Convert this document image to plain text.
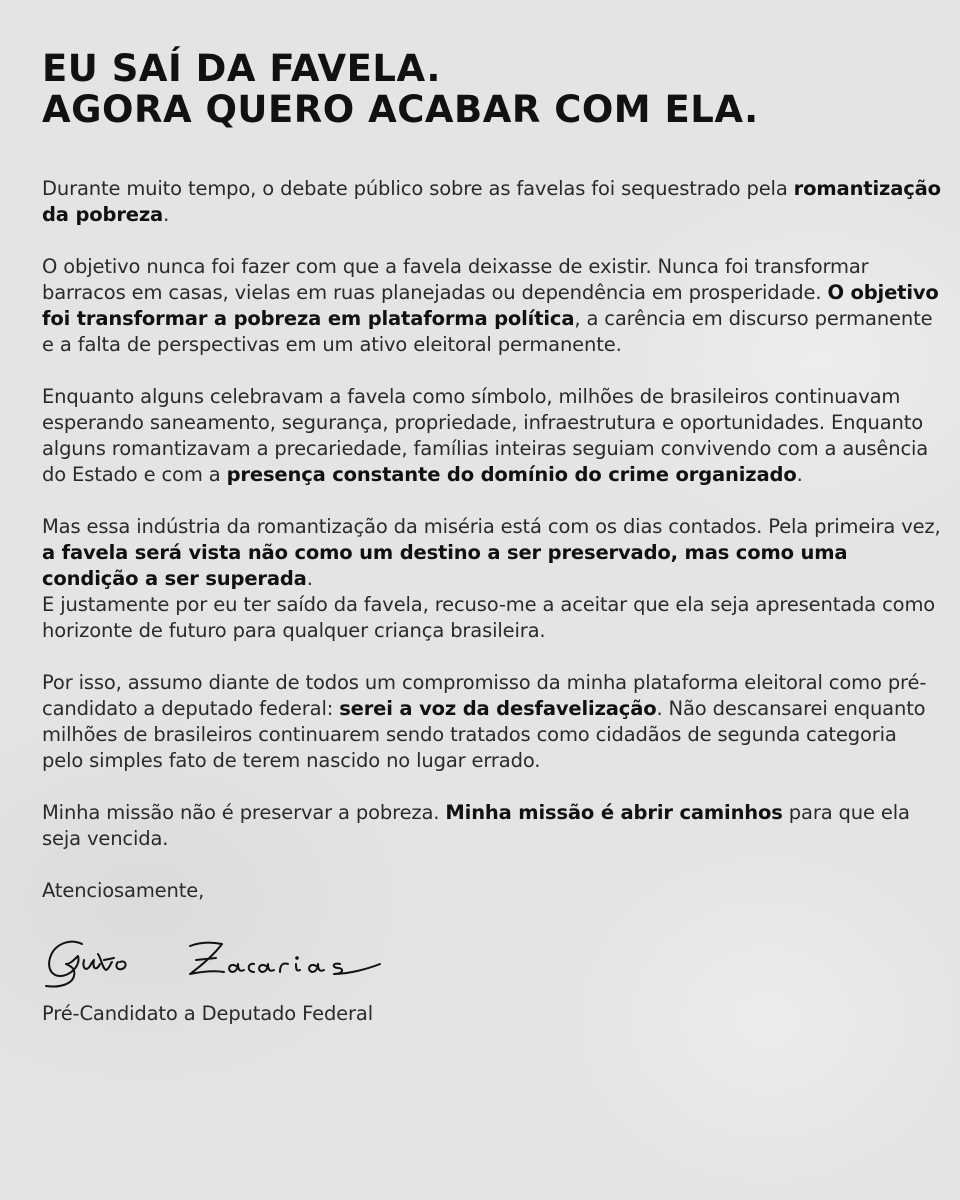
EU SAÍ DA FAVELA.
AGORA QUERO ACABAR COM ELA.

Durante muito tempo, o debate público sobre as favelas foi sequestrado pela romantização da pobreza.

O objetivo nunca foi fazer com que a favela deixasse de existir. Nunca foi transformar barracos em casas, vielas em ruas planejadas ou dependência em prosperidade. O objetivo foi transformar a pobreza em plataforma política, a carência em discurso permanente e a falta de perspectivas em um ativo eleitoral permanente.

Enquanto alguns celebravam a favela como símbolo, milhões de brasileiros continuavam esperando saneamento, segurança, propriedade, infraestrutura e oportunidades. Enquanto alguns romantizavam a precariedade, famílias inteiras seguiam convivendo com a ausência do Estado e com a presença constante do domínio do crime organizado.

Mas essa indústria da romantização da miséria está com os dias contados. Pela primeira vez, a favela será vista não como um destino a ser preservado, mas como uma condição a ser superada.
E justamente por eu ter saído da favela, recuso-me a aceitar que ela seja apresentada como horizonte de futuro para qualquer criança brasileira.

Por isso, assumo diante de todos um compromisso da minha plataforma eleitoral como pré-candidato a deputado federal: serei a voz da desfavelização. Não descansarei enquanto milhões de brasileiros continuarem sendo tratados como cidadãos de segunda categoria pelo simples fato de terem nascido no lugar errado.

Minha missão não é preservar a pobreza. Minha missão é abrir caminhos para que ela seja vencida.

Atenciosamente,

Pré-Candidato a Deputado Federal
